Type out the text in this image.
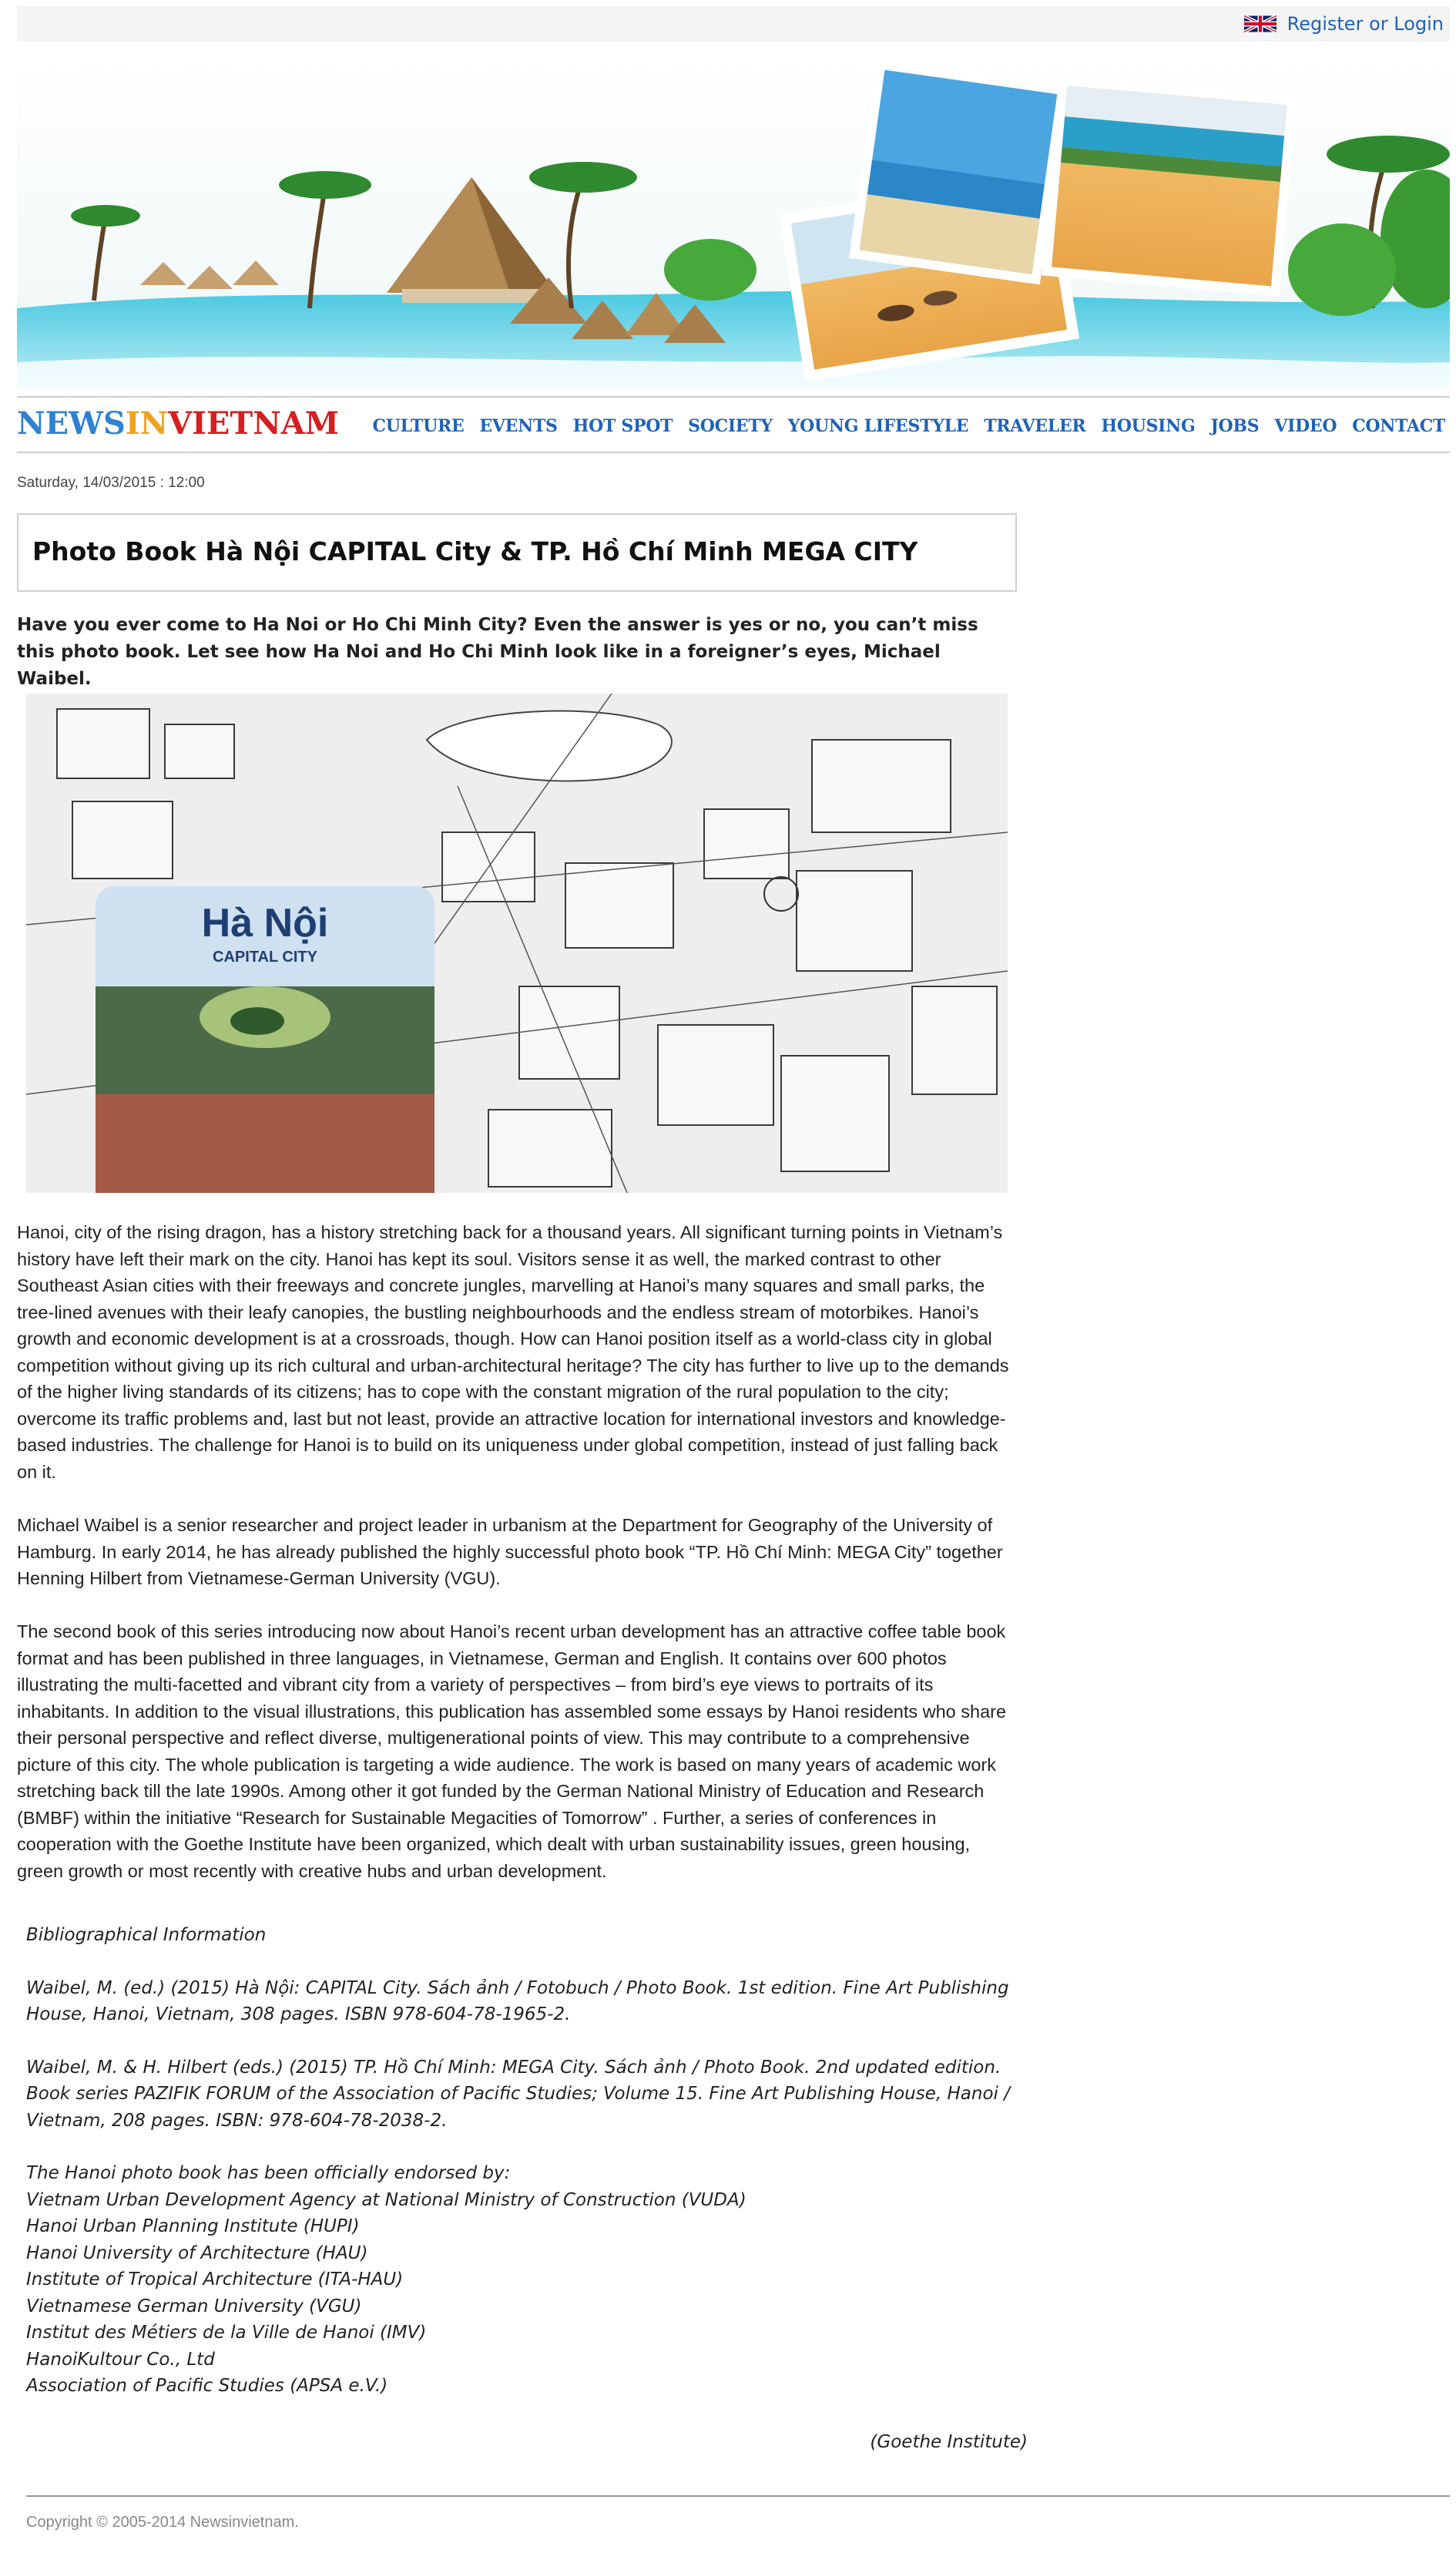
Register or Login
NEWSINVIETNAM CULTURE EVENTS HOT SPOT SOCIETY YOUNG LIFESTYLE TRAVELER HOUSING JOBS VIDEO CONTACT
Saturday, 14/03/2015 : 12:00
Photo Book Hà Nội CAPITAL City & TP. Hồ Chí Minh MEGA CITY
Have you ever come to Ha Noi or Ho Chi Minh City? Even the answer is yes or no, you can’t miss this photo book. Let see how Ha Noi and Ho Chi Minh look like in a foreigner’s eyes, Michael Waibel.
Hà Nội
CAPITAL CITY
Hanoi, city of the rising dragon, has a history stretching back for a thousand years. All significant turning points in Vietnam’s history have left their mark on the city. Hanoi has kept its soul. Visitors sense it as well, the marked contrast to other Southeast Asian cities with their freeways and concrete jungles, marvelling at Hanoi’s many squares and small parks, the tree-lined avenues with their leafy canopies, the bustling neighbourhoods and the endless stream of motorbikes. Hanoi’s growth and economic development is at a crossroads, though. How can Hanoi position itself as a world-class city in global competition without giving up its rich cultural and urban-architectural heritage? The city has further to live up to the demands of the higher living standards of its citizens; has to cope with the constant migration of the rural population to the city; overcome its traffic problems and, last but not least, provide an attractive location for international investors and knowledge-based industries. The challenge for Hanoi is to build on its uniqueness under global competition, instead of just falling back on it.
Michael Waibel is a senior researcher and project leader in urbanism at the Department for Geography of the University of Hamburg. In early 2014, he has already published the highly successful photo book “TP. Hồ Chí Minh: MEGA City” together Henning Hilbert from Vietnamese-German University (VGU).
The second book of this series introducing now about Hanoi’s recent urban development has an attractive coffee table book format and has been published in three languages, in Vietnamese, German and English. It contains over 600 photos illustrating the multi-facetted and vibrant city from a variety of perspectives – from bird’s eye views to portraits of its inhabitants. In addition to the visual illustrations, this publication has assembled some essays by Hanoi residents who share their personal perspective and reflect diverse, multigenerational points of view. This may contribute to a comprehensive picture of this city. The whole publication is targeting a wide audience. The work is based on many years of academic work stretching back till the late 1990s. Among other it got funded by the German National Ministry of Education and Research (BMBF) within the initiative “Research for Sustainable Megacities of Tomorrow” . Further, a series of conferences in cooperation with the Goethe Institute have been organized, which dealt with urban sustainability issues, green housing, green growth or most recently with creative hubs and urban development.

Bibliographical Information

Waibel, M. (ed.) (2015) Hà Nội: CAPITAL City. Sách ảnh / Fotobuch / Photo Book. 1st edition. Fine Art Publishing House, Hanoi, Vietnam, 308 pages. ISBN 978-604-78-1965-2.

Waibel, M. & H. Hilbert (eds.) (2015) TP. Hồ Chí Minh: MEGA City. Sách ảnh / Photo Book. 2nd updated edition. Book series PAZIFIK FORUM of the Association of Pacific Studies; Volume 15. Fine Art Publishing House, Hanoi / Vietnam, 208 pages. ISBN: 978-604-78-2038-2.

The Hanoi photo book has been officially endorsed by:

Vietnam Urban Development Agency at National Ministry of Construction (VUDA)

Hanoi Urban Planning Institute (HUPI)

Hanoi University of Architecture (HAU)

Institute of Tropical Architecture (ITA-HAU)

Vietnamese German University (VGU)

Institut des Métiers de la Ville de Hanoi (IMV)

HanoiKultour Co., Ltd

Association of Pacific Studies (APSA e.V.)

(Goethe Institute)
Copyright © 2005-2014 Newsinvietnam.
